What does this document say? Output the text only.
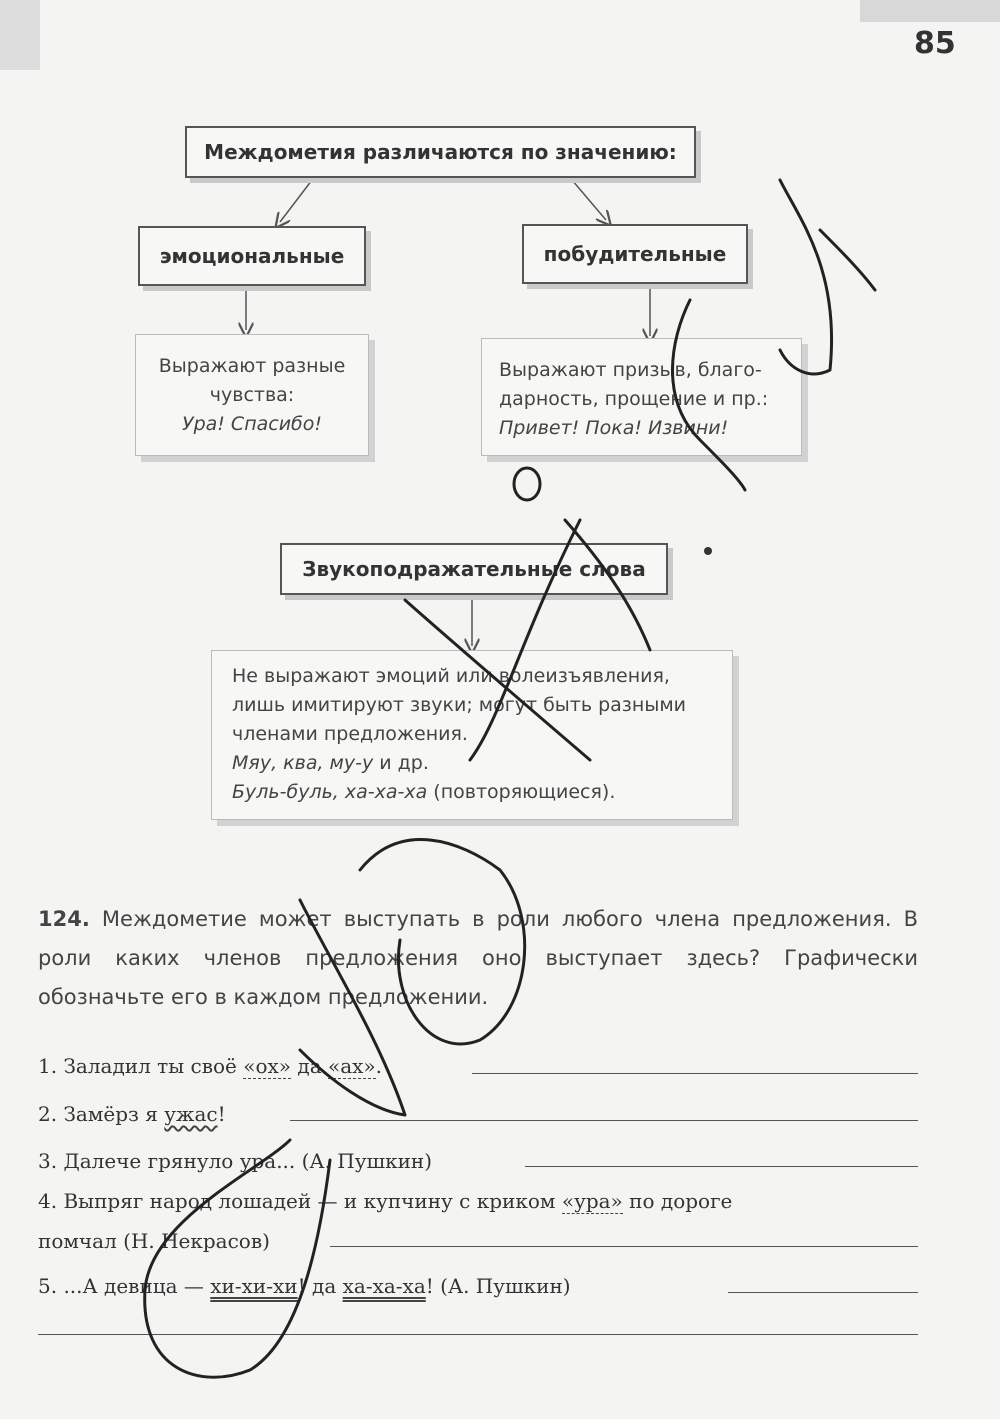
85
Междометия различаются по значению:
эмоциональные	побудительные
Выражают разные
чувства:
Ура! Спасибо!
Выражают призыв, благо-
дарность, прощение и пр.:
Привет! Пока! Извини!
Звукоподражательные слова
Не выражают эмоций или волеизъявления,
лишь имитируют звуки; могут быть разными
членами предложения.
Мяу, ква, му-у и др.
Буль-буль, ха-ха-ха (повторяющиеся).
124. Междометие может выступать в роли любого члена предложения. В роли каких членов предложения оно выступает здесь? Графически обозначьте его в каждом предложении.
1. Заладил ты своё «ох» да «ах».
2. Замёрз я ужас!
3. Далече грянуло ура... (А. Пушкин)
4. Выпряг народ лошадей — и купчину с криком «ура» по дороге
помчал (Н. Некрасов)
5. ...А девица — хи-хи-хи! да ха-ха-ха! (А. Пушкин)
